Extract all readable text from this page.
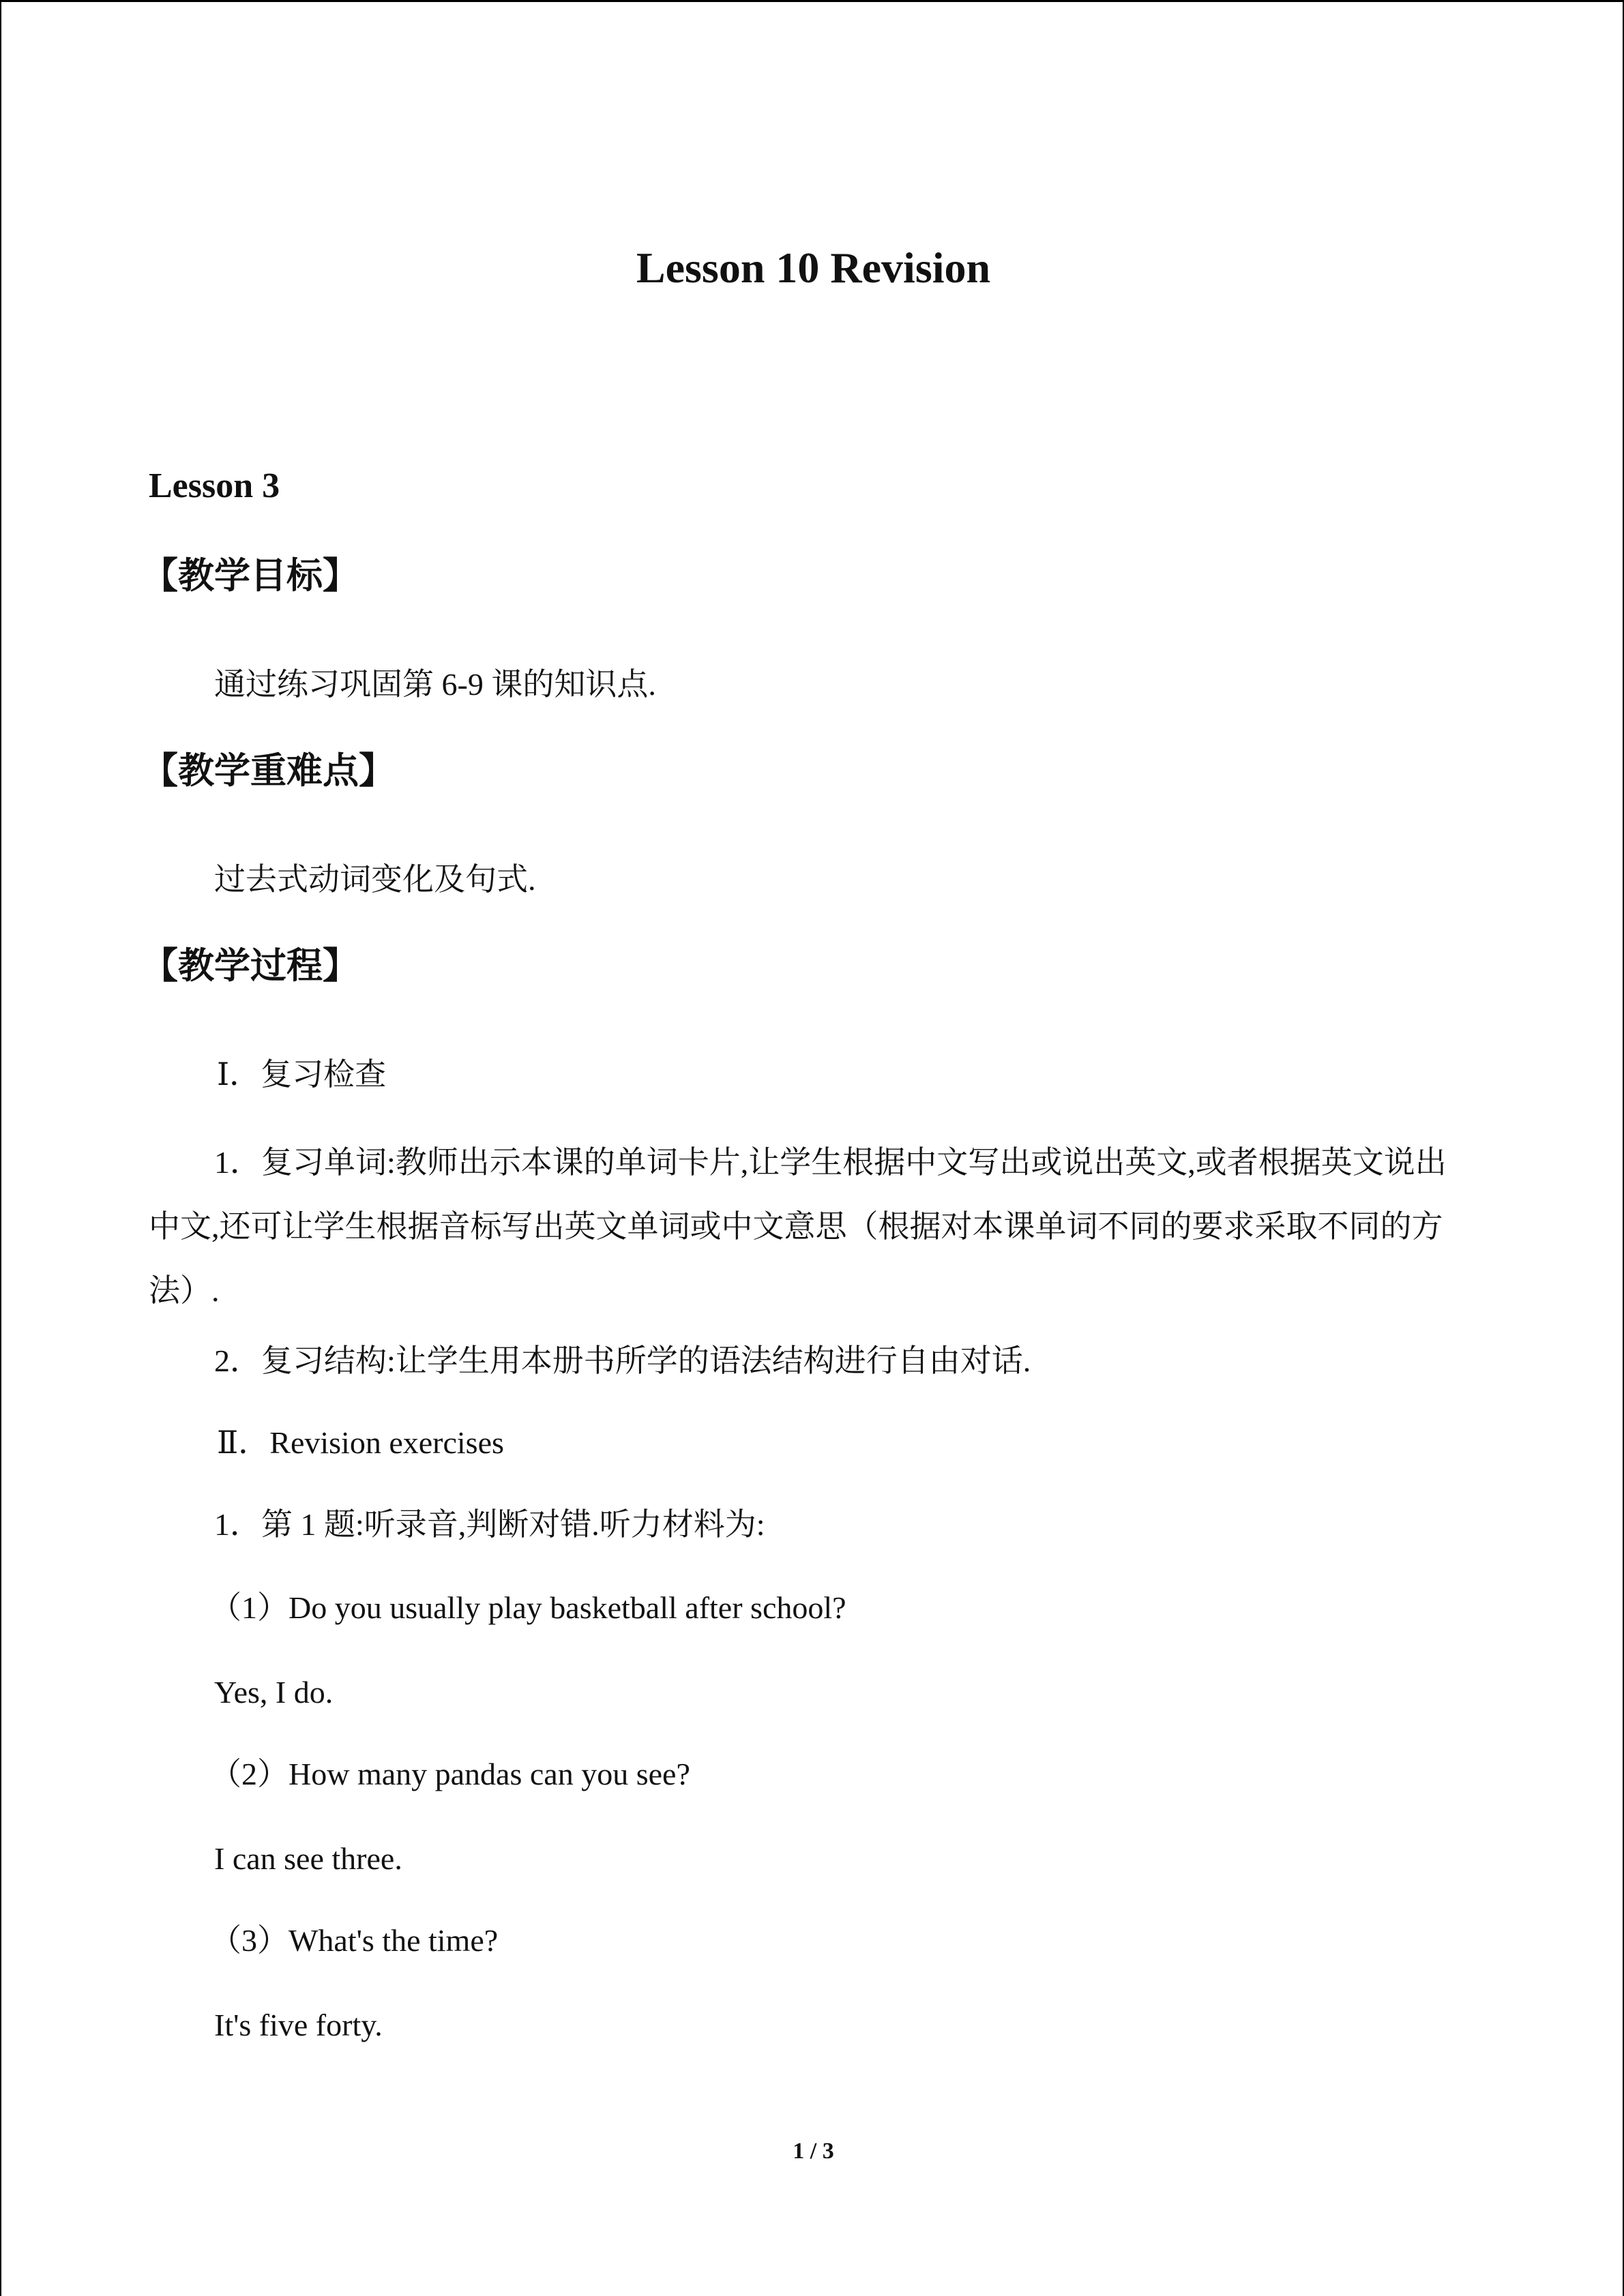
Lesson 10 Revision
Lesson 3
【教学目标】
通过练习巩固第 6-9 课的知识点.
【教学重难点】
过去式动词变化及句式.
【教学过程】
Ⅰ．复习检查
1．复习单词:教师出示本课的单词卡片,让学生根据中文写出或说出英文,或者根据英文说出中文,还可让学生根据音标写出英文单词或中文意思（根据对本课单词不同的要求采取不同的方法）.
2．复习结构:让学生用本册书所学的语法结构进行自由对话.
Ⅱ．Revision exercises
1．第 1 题:听录音,判断对错.听力材料为:
（1）Do you usually play basketball after school?
Yes, I do.
（2）How many pandas can you see?
I can see three.
（3）What's the time?
It's five forty.
1 / 3
